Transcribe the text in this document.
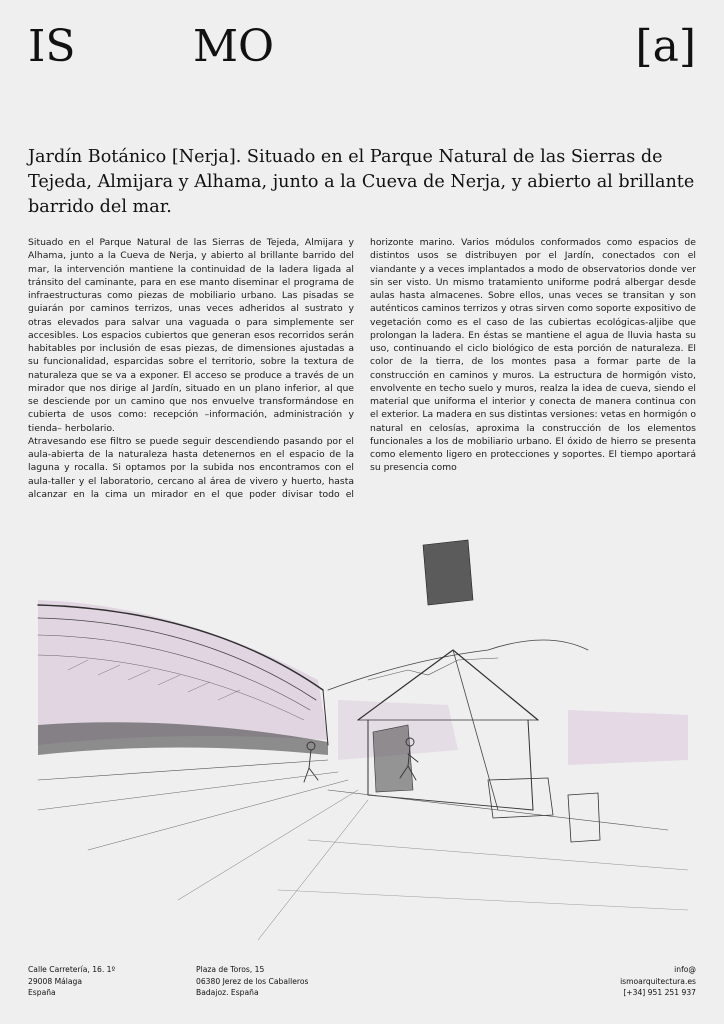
IS	MO	[a]
Jardín Botánico [Nerja]. Situado en el Parque Natural de las Sierras de Tejeda, Almijara y Alhama, junto a la Cueva de Nerja, y abierto al brillante barrido del mar.

Situado en el Parque Natural de las Sierras de Tejeda, Almijara y Alhama, junto a la Cueva de Nerja, y abierto al brillante barrido del mar, la intervención mantiene la continuidad de la ladera ligada al tránsito del caminante, para en ese manto diseminar el programa de infraestructuras como piezas de mobiliario urbano. Las pisadas se guiarán por caminos terrizos, unas veces adheridos al sustrato y otras elevados para salvar una vaguada o para simplemente ser accesibles. Los espacios cubiertos que generan esos recorridos serán habitables por inclusión de esas piezas, de dimensiones ajustadas a su funcionalidad, esparcidas sobre el territorio, sobre la textura de naturaleza que se va a exponer. El acceso se produce a través de un mirador que nos dirige al Jardín, situado en un plano inferior, al que se desciende por un camino que nos envuelve transformándose en cubierta de usos como: recepción –información, administración y tienda– herbolario.

Atravesando ese filtro se puede seguir descendiendo pasando por el aula-abierta de la naturaleza hasta detenernos en el espacio de la laguna y rocalla. Si optamos por la subida nos encontramos con el aula-taller y el laboratorio, cercano al área de vivero y huerto, hasta alcanzar en la cima un mirador en el que poder divisar todo el horizonte marino. Varios módulos conformados como espacios de distintos usos se distribuyen por el Jardín, conectados con el viandante y a veces implantados a modo de observatorios donde ver sin ser visto. Un mismo tratamiento uniforme podrá albergar desde aulas hasta almacenes. Sobre ellos, unas veces se transitan y son auténticos caminos terrizos y otras sirven como soporte expositivo de vegetación como es el caso de las cubiertas ecológicas-aljibe que prolongan la ladera. En éstas se mantiene el agua de lluvia hasta su uso, continuando el ciclo biológico de esta porción de naturaleza. El color de la tierra, de los montes pasa a formar parte de la construcción en caminos y muros. La estructura de hormigón visto, envolvente en techo suelo y muros, realza la idea de cueva, siendo el material que uniforma el interior y conecta de manera continua con el exterior. La madera en sus distintas versiones: vetas en hormigón o natural en celosías, aproxima la construcción de los elementos funcionales a los de mobiliario urbano. El óxido de hierro se presenta como elemento ligero en protecciones y soportes. El tiempo aportará su presencia como

Calle Carretería, 16. 1º
29008 Málaga
España
Plaza de Toros, 15
06380 Jerez de los Caballeros
Badajoz. España
info@
ismoarquitectura.es
[+34] 951 251 937
